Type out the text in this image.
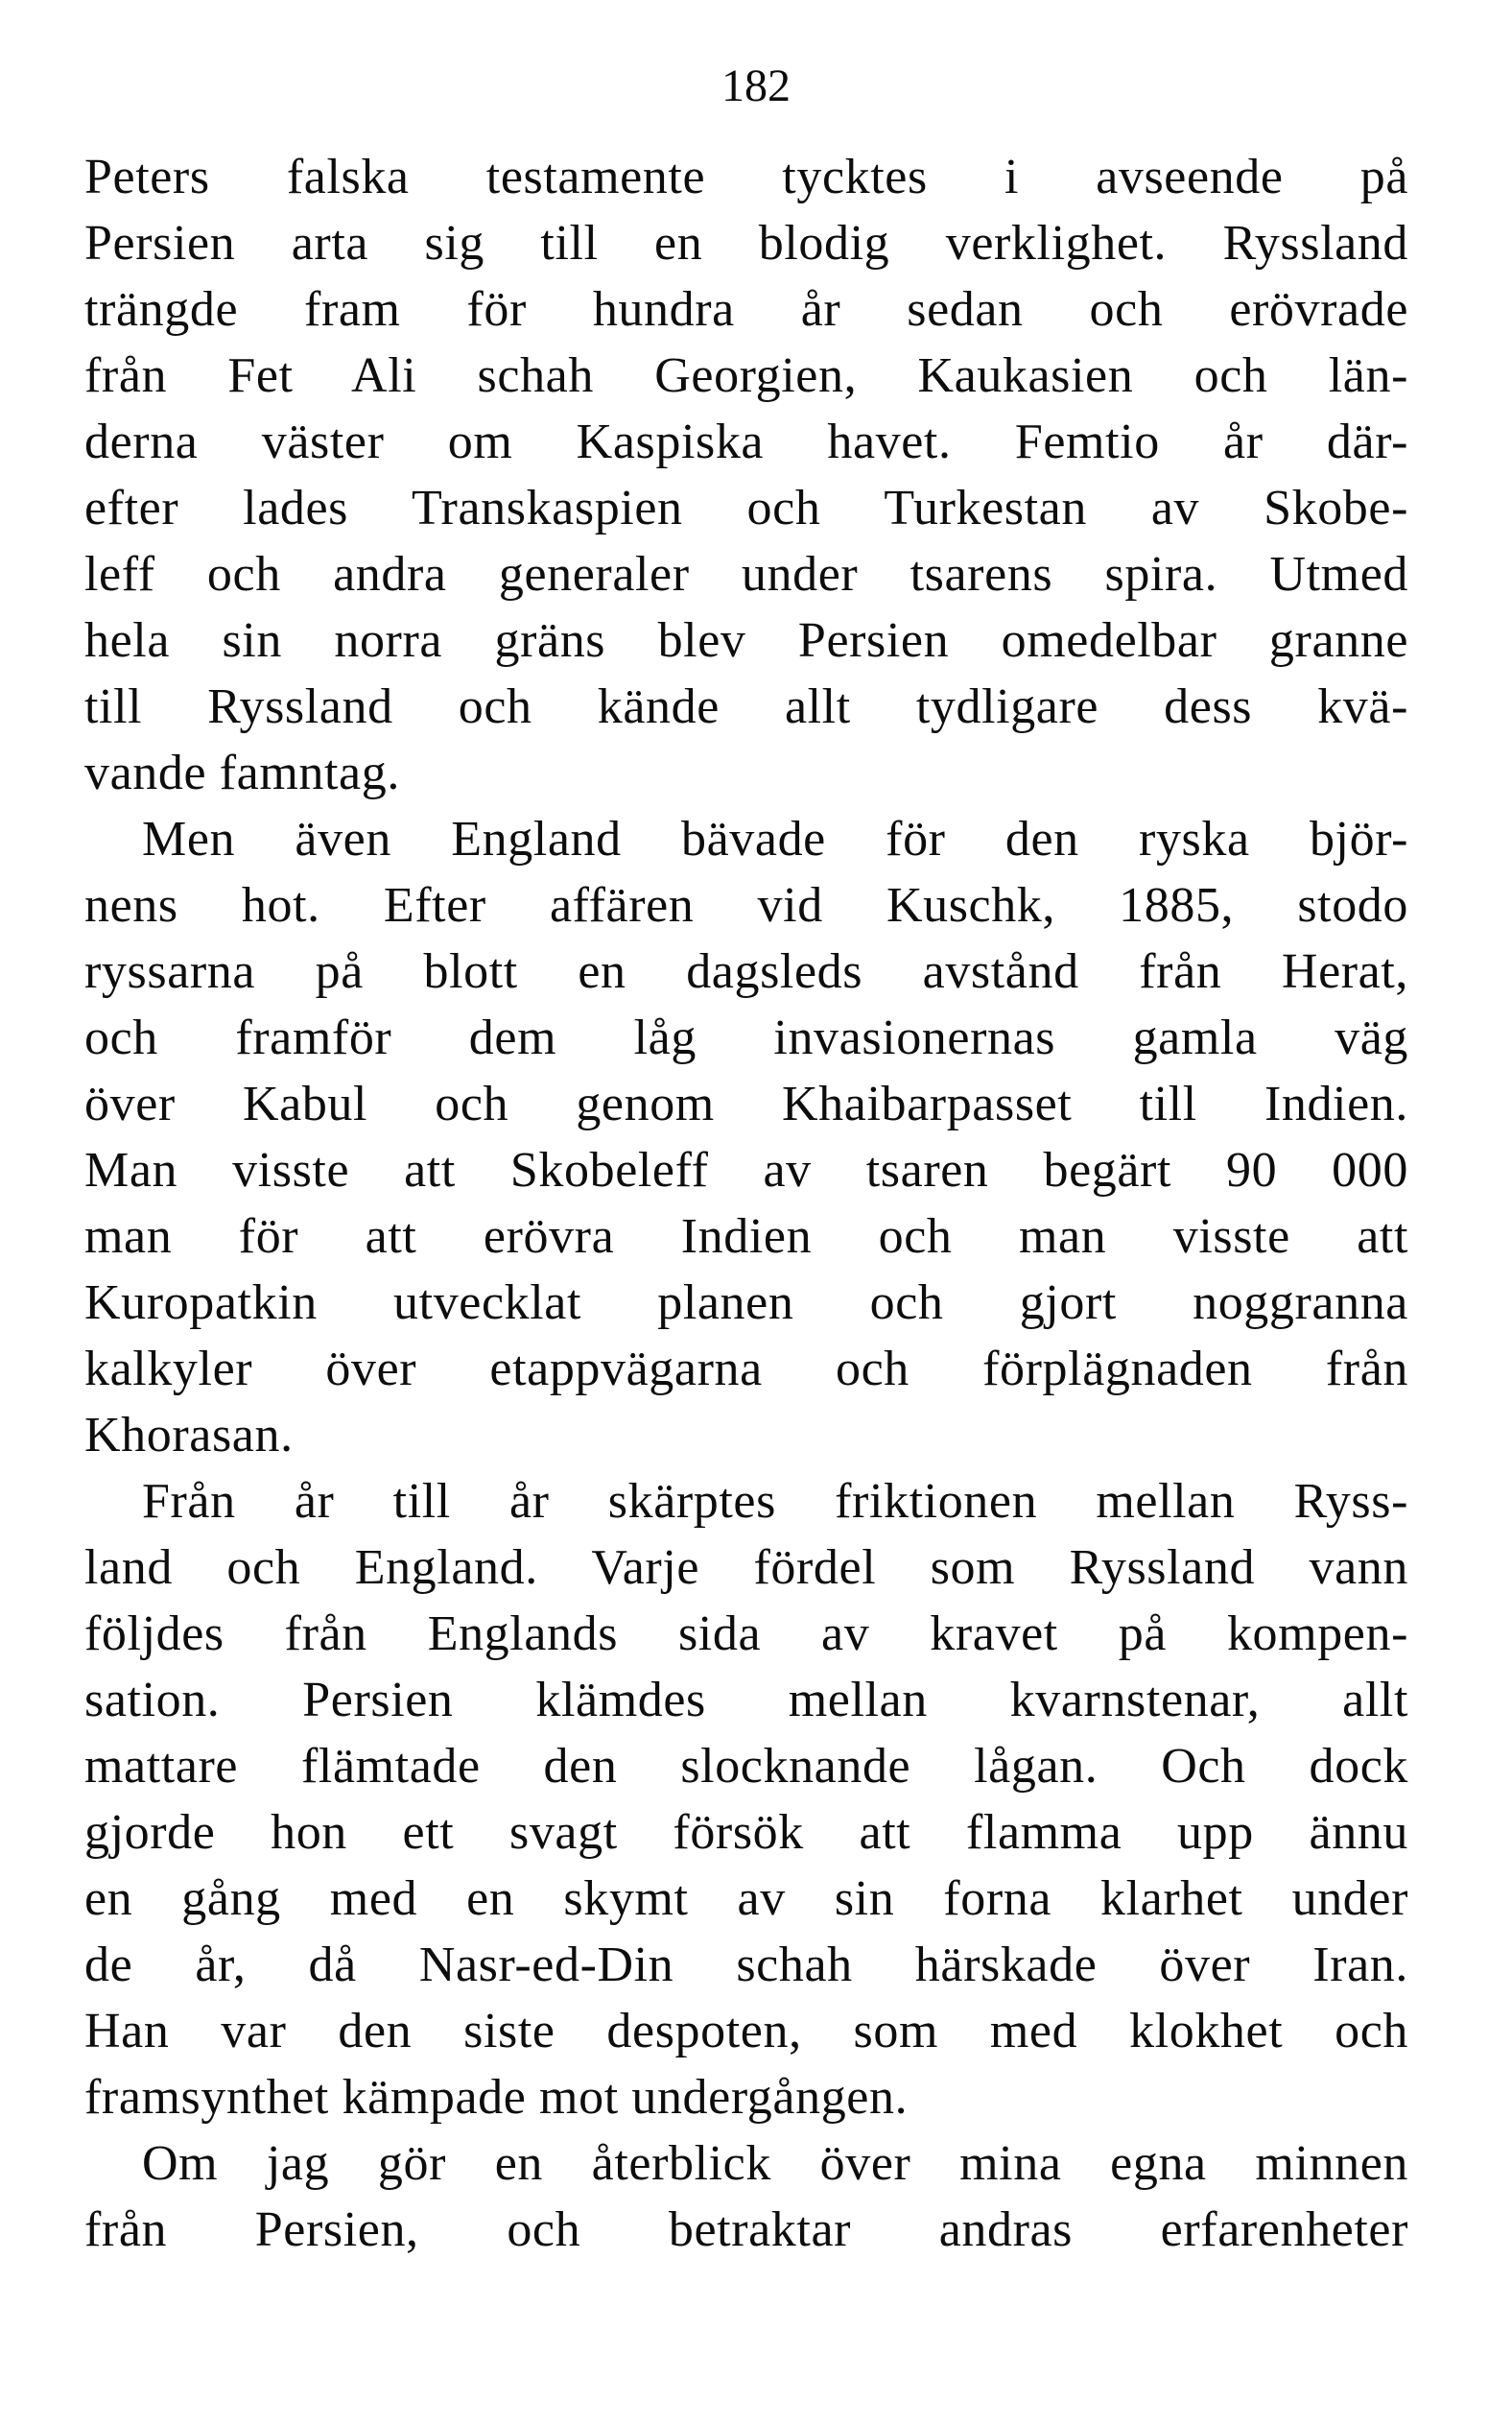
182
Peters falska testamente tycktes i avseende på
Persien arta sig till en blodig verklighet. Ryssland
trängde fram för hundra år sedan och erövrade
från Fet Ali schah Georgien, Kaukasien och län-
derna väster om Kaspiska havet. Femtio år där-
efter lades Transkaspien och Turkestan av Skobe-
leff och andra generaler under tsarens spira. Utmed
hela sin norra gräns blev Persien omedelbar granne
till Ryssland och kände allt tydligare dess kvä-
vande famntag.
Men även England bävade för den ryska björ-
nens hot. Efter affären vid Kuschk, 1885, stodo
ryssarna på blott en dagsleds avstånd från Herat,
och framför dem låg invasionernas gamla väg
över Kabul och genom Khaibarpasset till Indien.
Man visste att Skobeleff av tsaren begärt 90 000
man för att erövra Indien och man visste att
Kuropatkin utvecklat planen och gjort noggranna
kalkyler över etappvägarna och förplägnaden från
Khorasan.
Från år till år skärptes friktionen mellan Ryss-
land och England. Varje fördel som Ryssland vann
följdes från Englands sida av kravet på kompen-
sation. Persien klämdes mellan kvarnstenar, allt
mattare flämtade den slocknande lågan. Och dock
gjorde hon ett svagt försök att flamma upp ännu
en gång med en skymt av sin forna klarhet under
de år, då Nasr-ed-Din schah härskade över Iran.
Han var den siste despoten, som med klokhet och
framsynthet kämpade mot undergången.
Om jag gör en återblick över mina egna minnen
från Persien, och betraktar andras erfarenheter
